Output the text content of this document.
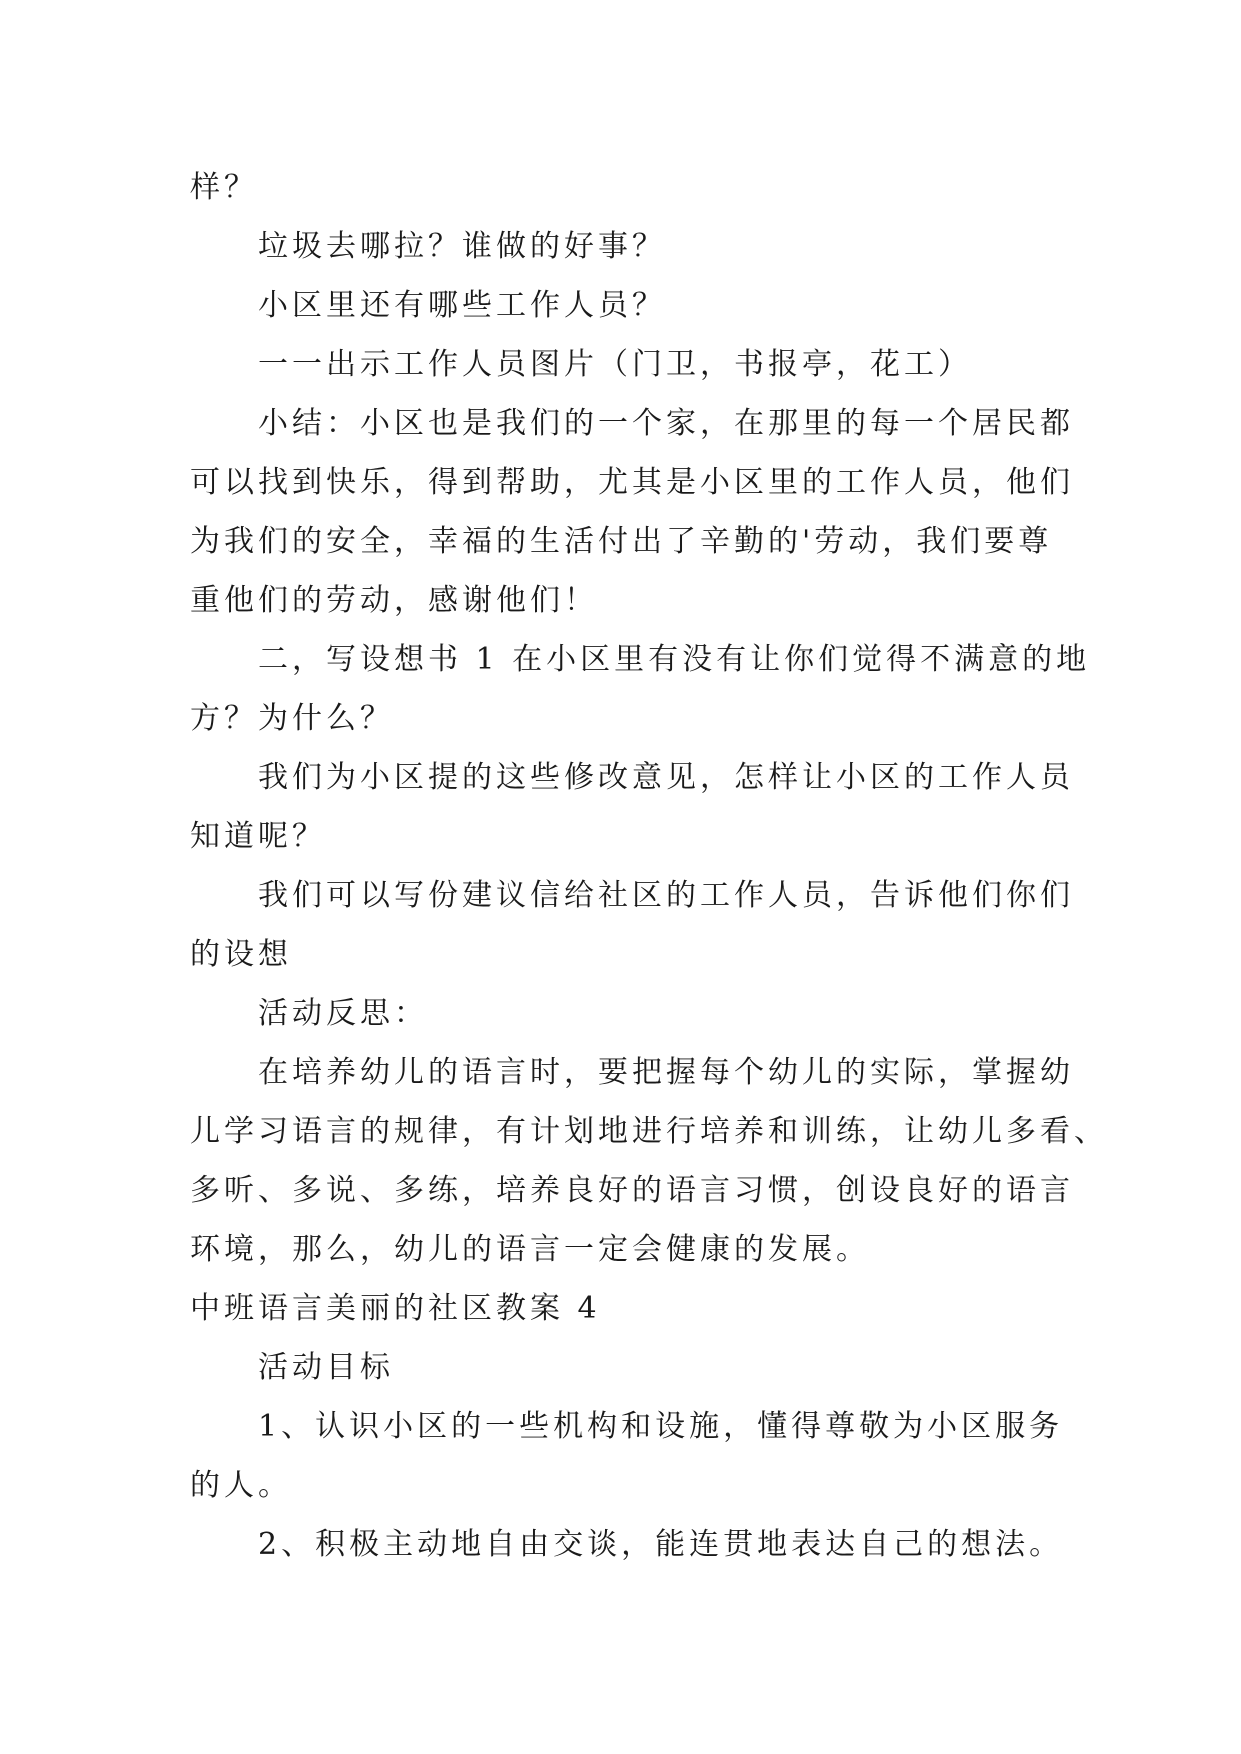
样？
垃圾去哪拉？谁做的好事？
小区里还有哪些工作人员？
一一出示工作人员图片（门卫，书报亭，花工）
小结：小区也是我们的一个家，在那里的每一个居民都
可以找到快乐，得到帮助，尤其是小区里的工作人员，他们
为我们的安全，幸福的生活付出了辛勤的'劳动，我们要尊
重他们的劳动，感谢他们！
二，写设想书 1 在小区里有没有让你们觉得不满意的地
方？为什么？
我们为小区提的这些修改意见，怎样让小区的工作人员
知道呢？
我们可以写份建议信给社区的工作人员，告诉他们你们
的设想
活动反思：
在培养幼儿的语言时，要把握每个幼儿的实际，掌握幼
儿学习语言的规律，有计划地进行培养和训练，让幼儿多看、
多听、多说、多练，培养良好的语言习惯，创设良好的语言
环境，那么，幼儿的语言一定会健康的发展。
中班语言美丽的社区教案 4
活动目标
1、认识小区的一些机构和设施，懂得尊敬为小区服务
的人。
2、积极主动地自由交谈，能连贯地表达自己的想法。
